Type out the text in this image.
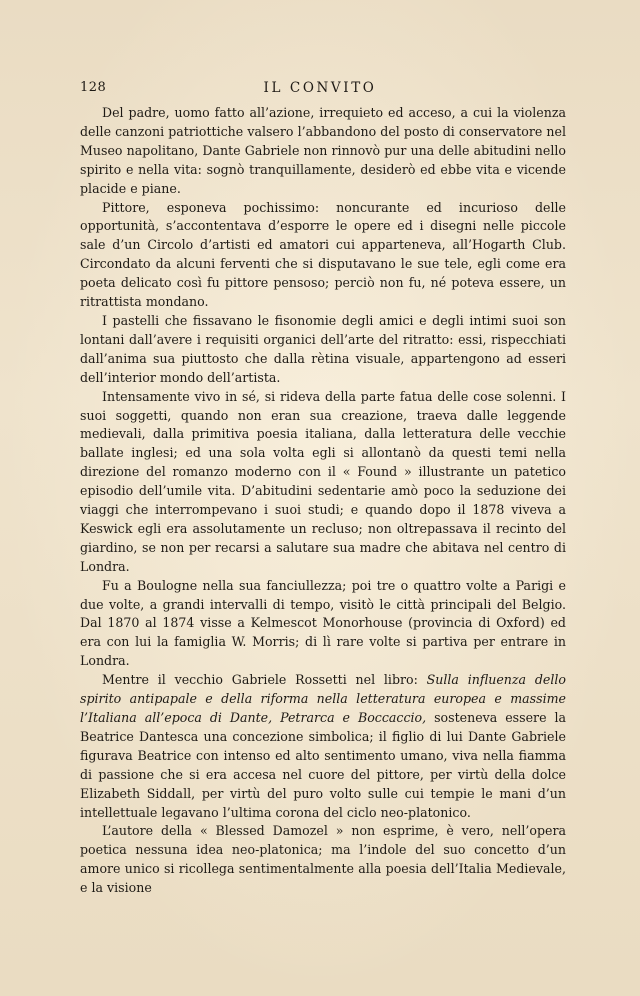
128	IL CONVITO

Del padre, uomo fatto all’azione, irrequieto ed acceso, a cui la violenza delle canzoni patriottiche valsero l’abbandono del posto di conservatore nel Museo napolitano, Dante Gabriele non rinnovò pur una delle abitudini nello spirito e nella vita: sognò tranquillamente, desiderò ed ebbe vita e vicende placide e piane.

Pittore, esponeva pochissimo: noncurante ed incurioso delle opportunità, s’accontentava d’esporre le opere ed i disegni nelle piccole sale d’un Circolo d’artisti ed amatori cui apparteneva, all’Hogarth Club. Circondato da alcuni ferventi che si disputavano le sue tele, egli come era poeta delicato così fu pittore pensoso; perciò non fu, né poteva essere, un ritrattista mondano.

I pastelli che fissavano le fisonomie degli amici e degli intimi suoi son lontani dall’avere i requisiti organici dell’arte del ritratto: essi, rispecchiati dall’anima sua piuttosto che dalla rètina visuale, appartengono ad esseri dell’interior mondo dell’artista.

Intensamente vivo in sé, si rideva della parte fatua delle cose solenni. I suoi soggetti, quando non eran sua creazione, traeva dalle leggende medievali, dalla primitiva poesia italiana, dalla letteratura delle vecchie ballate inglesi; ed una sola volta egli si allontanò da questi temi nella direzione del romanzo moderno con il « Found » illustrante un patetico episodio dell’umile vita. D’abitudini sedentarie amò poco la seduzione dei viaggi che interrompevano i suoi studi; e quando dopo il 1878 viveva a Keswick egli era assolutamente un recluso; non oltrepassava il recinto del giardino, se non per recarsi a salutare sua madre che abitava nel centro di Londra.

Fu a Boulogne nella sua fanciullezza; poi tre o quattro volte a Parigi e due volte, a grandi intervalli di tempo, visitò le città principali del Belgio. Dal 1870 al 1874 visse a Kelmescot Monorhouse (provincia di Oxford) ed era con lui la famiglia W. Morris; di lì rare volte si partiva per entrare in Londra.

Mentre il vecchio Gabriele Rossetti nel libro: Sulla influenza dello spirito antipapale e della riforma nella letteratura europea e massime l’Italiana all’epoca di Dante, Petrarca e Boccaccio, sosteneva essere la Beatrice Dantesca una concezione simbolica; il figlio di lui Dante Gabriele figurava Beatrice con intenso ed alto sentimento umano, viva nella fiamma di passione che si era accesa nel cuore del pittore, per virtù della dolce Elizabeth Siddall, per virtù del puro volto sulle cui tempie le mani d’un intellettuale legavano l’ultima corona del ciclo neo-platonico.

L’autore della « Blessed Damozel » non esprime, è vero, nell’opera poetica nessuna idea neo-platonica; ma l’indole del suo concetto d’un amore unico si ricollega sentimentalmente alla poesia dell’Italia Medievale, e la visione
